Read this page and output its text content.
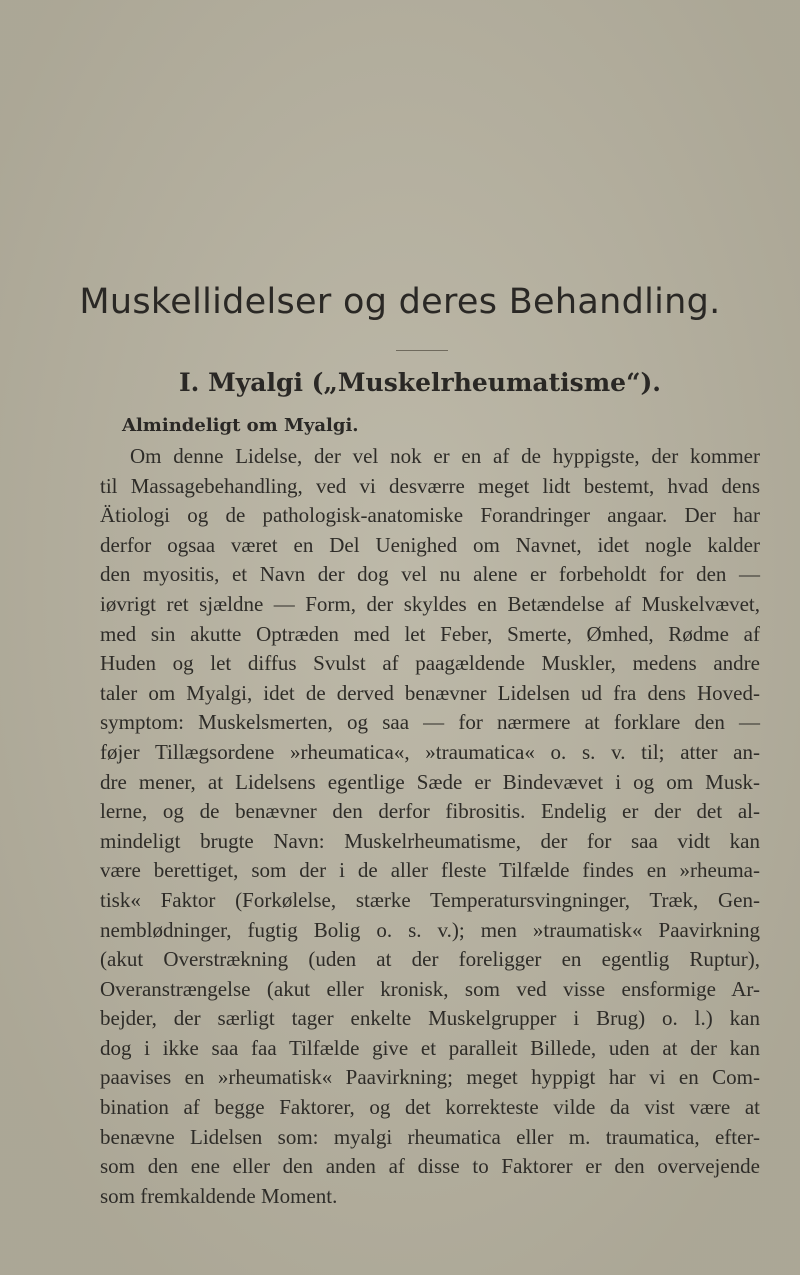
Muskellidelser og deres Behandling.
I. Myalgi („Muskelrheumatisme“).
Almindeligt om Myalgi.
Om denne Lidelse, der vel nok er en af de hyppigste, der kommer
til Massagebehandling, ved vi desværre meget lidt bestemt, hvad dens
Ätiologi og de pathologisk-anatomiske Forandringer angaar. Der har
derfor ogsaa været en Del Uenighed om Navnet, idet nogle kalder
den myositis, et Navn der dog vel nu alene er forbeholdt for den —
iøvrigt ret sjældne — Form, der skyldes en Betændelse af Muskelvævet,
med sin akutte Optræden med let Feber, Smerte, Ømhed, Rødme af
Huden og let diffus Svulst af paagældende Muskler, medens andre
taler om Myalgi, idet de derved benævner Lidelsen ud fra dens Hoved-
symptom: Muskelsmerten, og saa — for nærmere at forklare den —
føjer Tillægsordene »rheumatica«, »traumatica« o. s. v. til; atter an-
dre mener, at Lidelsens egentlige Sæde er Bindevævet i og om Musk-
lerne, og de benævner den derfor fibrositis. Endelig er der det al-
mindeligt brugte Navn: Muskelrheumatisme, der for saa vidt kan
være berettiget, som der i de aller fleste Tilfælde findes en »rheuma-
tisk« Faktor (Forkølelse, stærke Temperatursvingninger, Træk, Gen-
nemblødninger, fugtig Bolig o. s. v.); men »traumatisk« Paavirkning
(akut Overstrækning (uden at der foreligger en egentlig Ruptur),
Overanstrængelse (akut eller kronisk, som ved visse ensformige Ar-
bejder, der særligt tager enkelte Muskelgrupper i Brug) o. l.) kan
dog i ikke saa faa Tilfælde give et paralleit Billede, uden at der kan
paavises en »rheumatisk« Paavirkning; meget hyppigt har vi en Com-
bination af begge Faktorer, og det korrekteste vilde da vist være at
benævne Lidelsen som: myalgi rheumatica eller m. traumatica, efter-
som den ene eller den anden af disse to Faktorer er den overvejende
som fremkaldende Moment.
